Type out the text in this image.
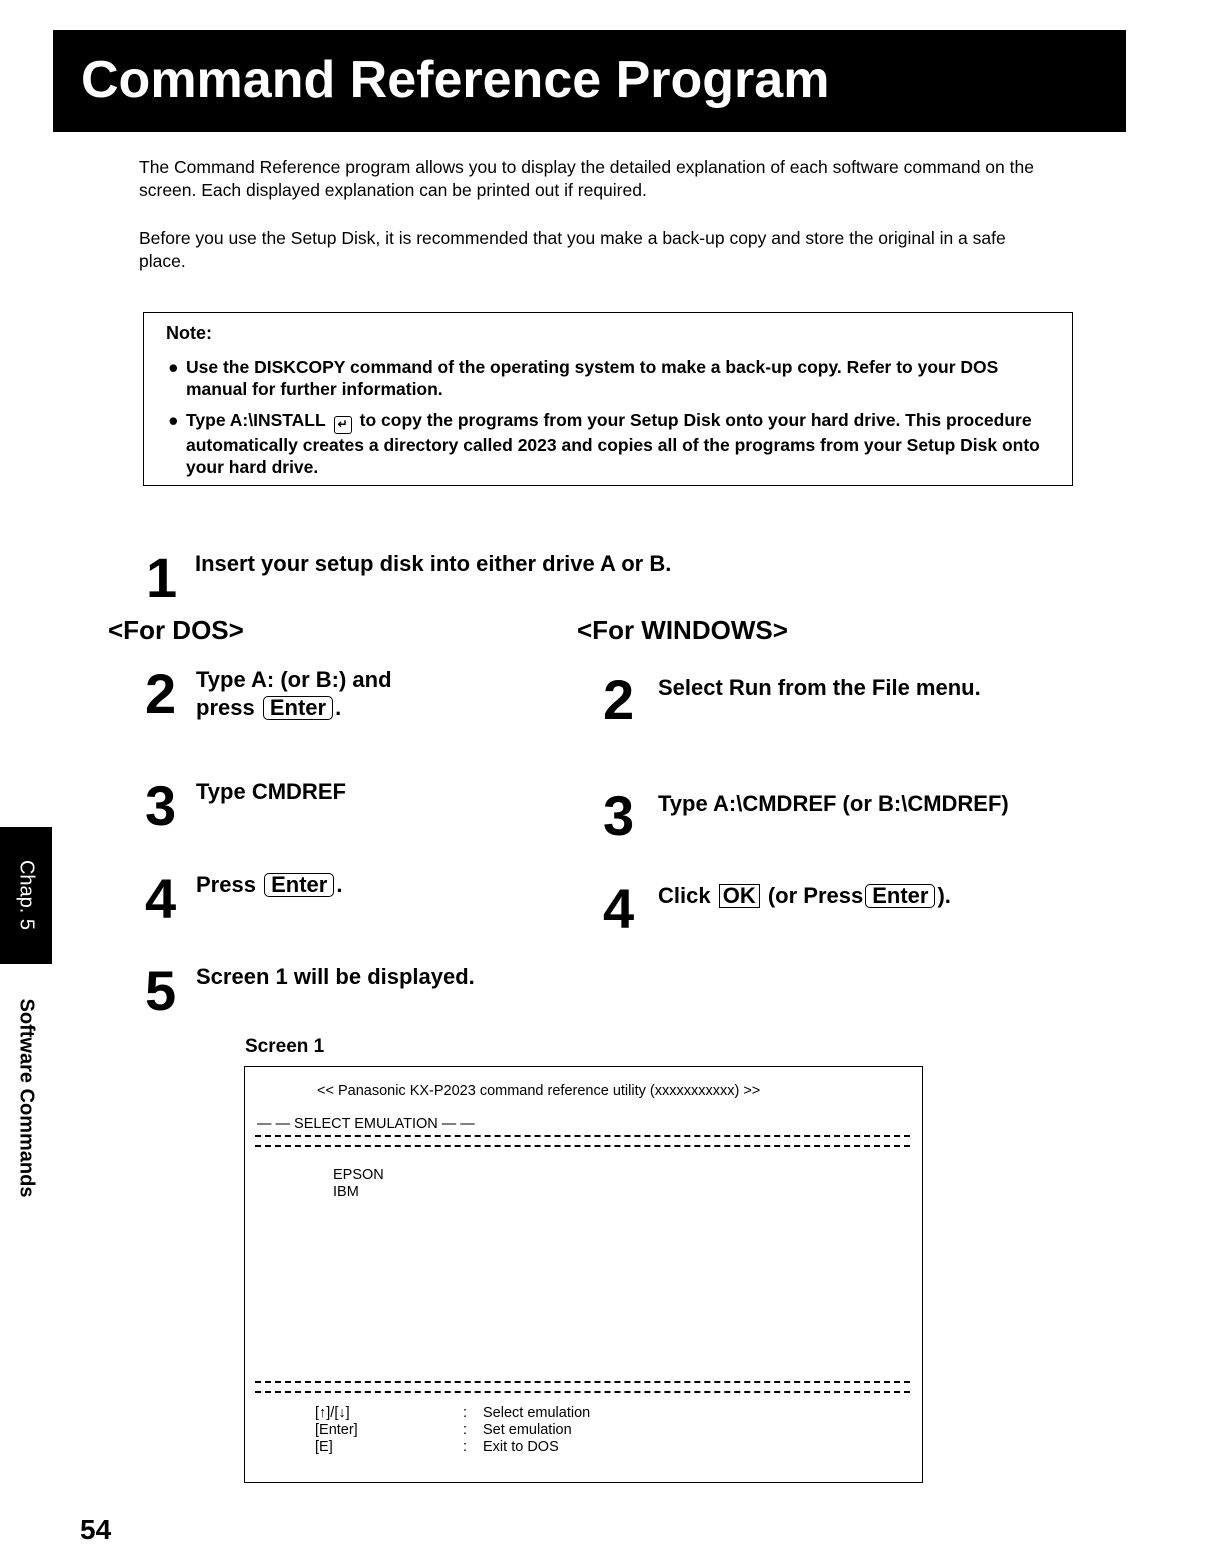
Command Reference Program

The Command Reference program allows you to display the detailed explanation of each software command on the screen. Each displayed explanation can be printed out if required.

Before you use the Setup Disk, it is recommended that you make a back-up copy and store the original in a safe place.

Note:
● Use the DISKCOPY command of the operating system to make a back-up copy. Refer to your DOS manual for further information.
● Type A:\INSTALL ↵ to copy the programs from your Setup Disk onto your hard drive. This procedure automatically creates a directory called 2023 and copies all of the programs from your Setup Disk onto your hard drive.
1 Insert your setup disk into either drive A or B.
<For DOS>
2 Type A: (or B:) and
press Enter .
3 Type CMDREF
4 Press Enter .
5 Screen 1 will be displayed.
<For WINDOWS>
2 Select Run from the File menu.
3 Type A:\CMDREF (or B:\CMDREF)
4 Click OK (or Press Enter ).
Chap. 5
Software Commands	Screen 1
<< Panasonic KX-P2023 command reference utility (xxxxxxxxxxx) >>
— — SELECT EMULATION — —
EPSON
IBM
[↑]/[↓]	: Select emulation
[Enter]	: Set emulation
[E]	: Exit to DOS
54
